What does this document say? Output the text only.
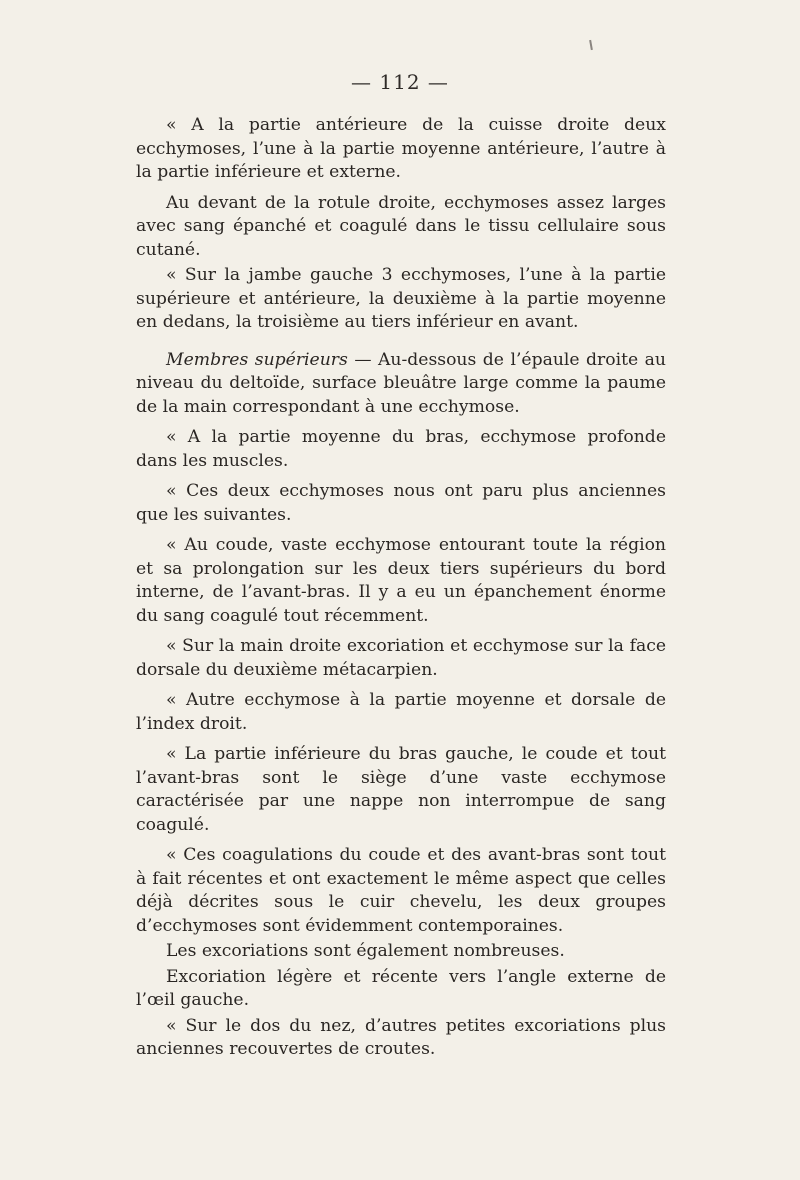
— 112 —

« A la partie antérieure de la cuisse droite deux ecchymoses, l’une à la partie moyenne antérieure, l’autre à la partie inférieure et externe.

Au devant de la rotule droite, ecchymoses assez larges avec sang épanché et coagulé dans le tissu cellulaire sous cutané.

« Sur la jambe gauche 3 ecchymoses, l’une à la partie supérieure et antérieure, la deuxième à la partie moyenne en dedans, la troisième au tiers inférieur en avant.

Membres supérieurs — Au-dessous de l’épaule droite au niveau du deltoïde, surface bleuâtre large comme la paume de la main correspondant à une ecchymose.

« A la partie moyenne du bras, ecchymose profonde dans les muscles.

« Ces deux ecchymoses nous ont paru plus anciennes que les suivantes.

« Au coude, vaste ecchymose entourant toute la région et sa prolongation sur les deux tiers supérieurs du bord interne, de l’avant-bras. Il y a eu un épanchement énorme du sang coagulé tout récemment.

« Sur la main droite excoriation et ecchymose sur la face dorsale du deuxième métacarpien.

« Autre ecchymose à la partie moyenne et dorsale de l’index droit.

« La partie inférieure du bras gauche, le coude et tout l’avant-bras sont le siège d’une vaste ecchymose caractérisée par une nappe non interrompue de sang coagulé.

« Ces coagulations du coude et des avant-bras sont tout à fait récentes et ont exactement le même aspect que celles déjà décrites sous le cuir chevelu, les deux groupes d’ecchymoses sont évidemment contemporaines.

Les excoriations sont également nombreuses.

Excoriation légère et récente vers l’angle externe de l’œil gauche.

« Sur le dos du nez, d’autres petites excoriations plus anciennes recouvertes de croutes.
